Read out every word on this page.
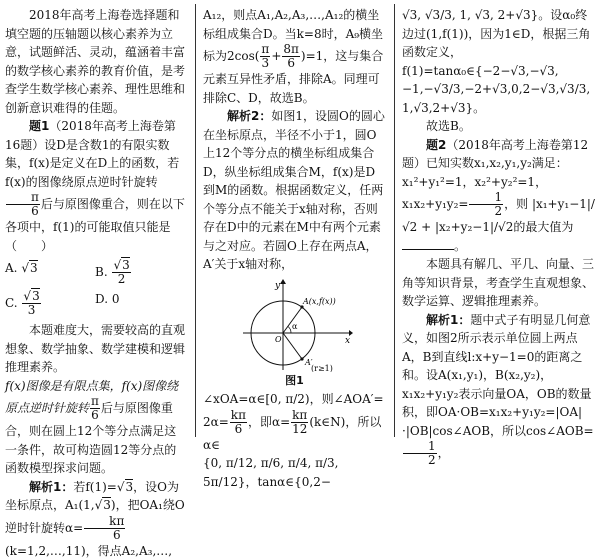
2018年高考上海卷选择题和填空题的压轴题以核心素养为立意，试题鲜活、灵动，蕴涵着丰富的数学核心素养的教育价值，是考查学生数学核心素养、理性思维和创新意识难得的佳题。

题1（2018年高考上海卷第16题）设D是含数1的有限实数集，f(x)是定义在D上的函数，若f(x)的图像绕原点逆时针旋转
$\frac{\pi}{6}$ 后与原图像重合，则在以下各项中，f(1)的可能取值只能是（　　）

A. √ 3	B. √ $\frac{3}{2}$
C. √ $\frac{3}{3}$	D. 0

本题难度大，需要较高的直观想象、数学抽象、数学建模和逻辑推理素养。

f(x)图像是有限点集，f(x)图像绕原点逆时针旋转 $\frac{\pi}{6}$ 后与原图像重合，则在圆上12个等分点满足这一条件，故可构造圆12等分点的函数模型探求问题。

解析1：若f(1)= √ 3，设O为坐标原点，A₁(1, √ 3)，把OA₁绕O逆时针旋转$\alpha= \frac{k\pi}{6}$
(k=1,2,…,11)，得点A₂,A₃,…,

A₁₂，则点A₁,A₂,A₃,…,A₁₂的横坐标组成集合D。当k=8时，A₉横坐标为$2\cos( \frac{\pi}{3} + \frac{8\pi}{6} )=1$，这与集合元素互异性矛盾，排除A。同理可排除C、D，故选B。

解析2：如图1，设圆O的圆心在坐标原点，半径不小于1，圆O上12个等分点的横坐标组成集合D，纵坐标组成集合M，f(x)是D到M的函数。根据函数定义，任两个等分点不能关于x轴对称，否则存在D中的元素在M中有两个元素与之对应。若圆O上存在两点A，A′关于x轴对称，

y
A(x,f(x))
α
O	x
A′
(r≥1)
图1

∠xOA=α∈[0, π/2)，则∠AOA′=

$2\alpha= \frac{k\pi}{6}$ ，即$\alpha= \frac{k\pi}{12}$ (k∈N)，所以α∈

{0, π/12, π/6, π/4, π/3, 5π/12}，tanα∈{0,2−

√3, √3/3, 1, √3, 2+√3}。设α₀终

边过(1,f(1))，因为1∈D，根据三角函数定义，f(1)=tanα₀∈{−2−√3,−√3,

−1,−√3/3,−2+√3,0,2−√3,√3/3,

1,√3,2+√3}。

故选B。

题2（2018年高考上海卷第12题）已知实数x₁,x₂,y₁,y₂满足：x₁²+y₁²=1，x₂²+y₂²=1，$x_1x_2+y_1y_2= \frac{1}{2}$ ，则 |x₁+y₁−1|/√2 + |x₂+y₂−1|/√2的最大值为。

本题具有解几、平几、向量、三角等知识背景，考查学生直观想象、数学运算、逻辑推理素养。

解析1：题中式子有明显几何意义，如图2所示表示单位圆上两点A，B到直线l:x+y−1=0的距离之和。设A(x₁,y₁)，B(x₂,y₂)，x₁x₂+y₁y₂表示向量OA，OB的数量积，即OA·OB=x₁x₂+y₁y₂=|OA|·|OB|cos∠AOB，所以cos∠AOB=
$\frac{1}{2}$ ，
